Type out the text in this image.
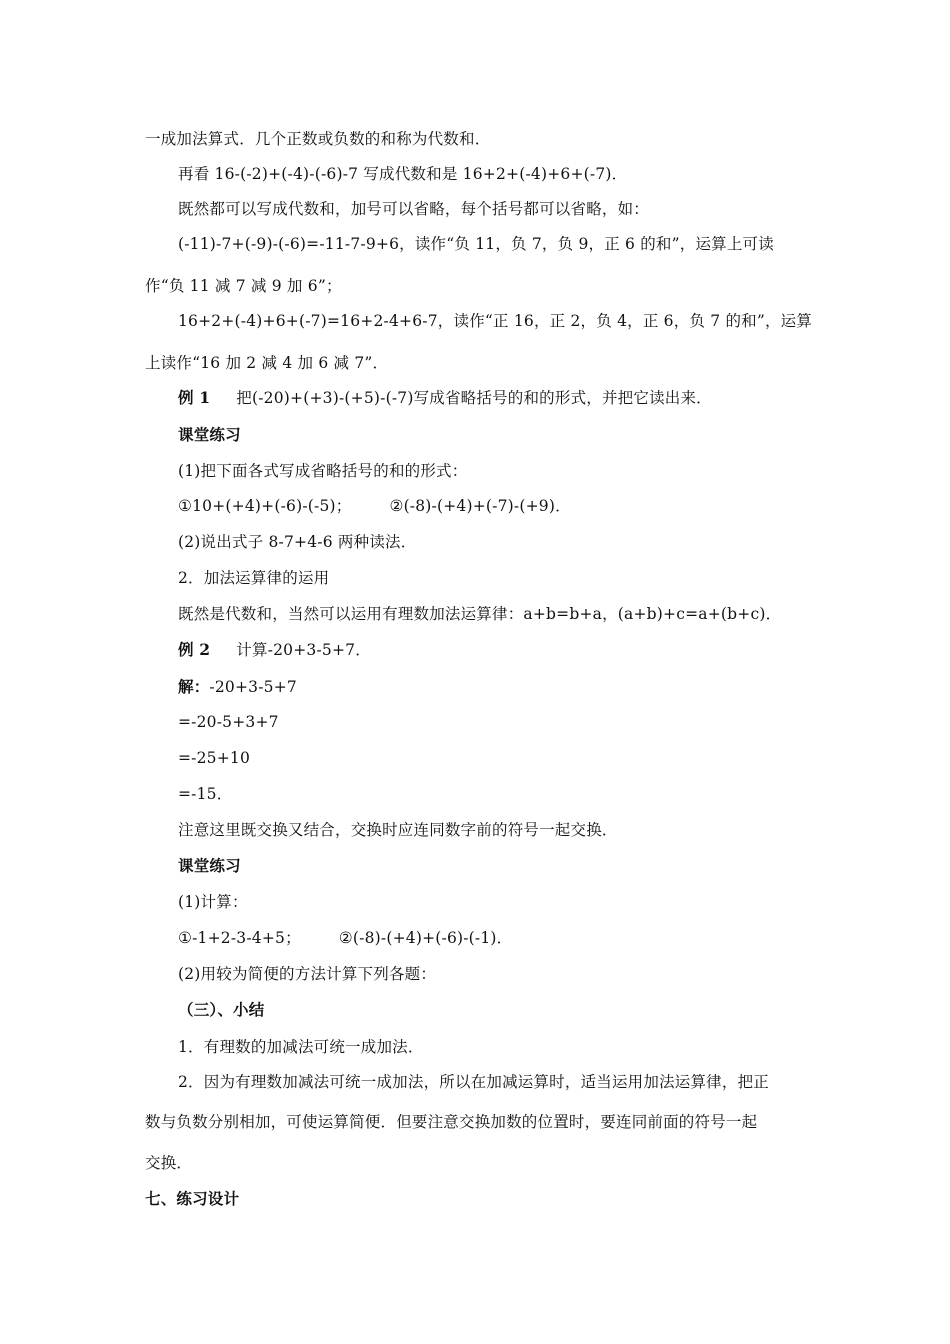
一成加法算式．几个正数或负数的和称为代数和．
再看 16-(-2)+(-4)-(-6)-7 写成代数和是 16+2+(-4)+6+(-7)．
既然都可以写成代数和，加号可以省略，每个括号都可以省略，如：
(-11)-7+(-9)-(-6)=-11-7-9+6，读作“负 11，负 7，负 9，正 6 的和”，运算上可读
作“负 11 减 7 减 9 加 6”；
16+2+(-4)+6+(-7)=16+2-4+6-7，读作“正 16，正 2，负 4，正 6，负 7 的和”，运算
上读作“16 加 2 减 4 加 6 减 7”．
例 1 把(-20)+(+3)-(+5)-(-7)写成省略括号的和的形式，并把它读出来．
课堂练习
(1)把下面各式写成省略括号的和的形式：
①10+(+4)+(-6)-(-5)； ②(-8)-(+4)+(-7)-(+9)．
(2)说出式子 8-7+4-6 两种读法．
2．加法运算律的运用
既然是代数和，当然可以运用有理数加法运算律：a+b=b+a，(a+b)+c=a+(b+c)．
例 2 计算-20+3-5+7．
解：-20+3-5+7
=-20-5+3+7
=-25+10
=-15．
注意这里既交换又结合，交换时应连同数字前的符号一起交换．
课堂练习
(1)计算：
①-1+2-3-4+5； ②(-8)-(+4)+(-6)-(-1)．
(2)用较为简便的方法计算下列各题：
（三）、小结
1．有理数的加减法可统一成加法．
2．因为有理数加减法可统一成加法，所以在加减运算时，适当运用加法运算律，把正
数与负数分别相加，可使运算简便．但要注意交换加数的位置时，要连同前面的符号一起
交换．
七、练习设计
